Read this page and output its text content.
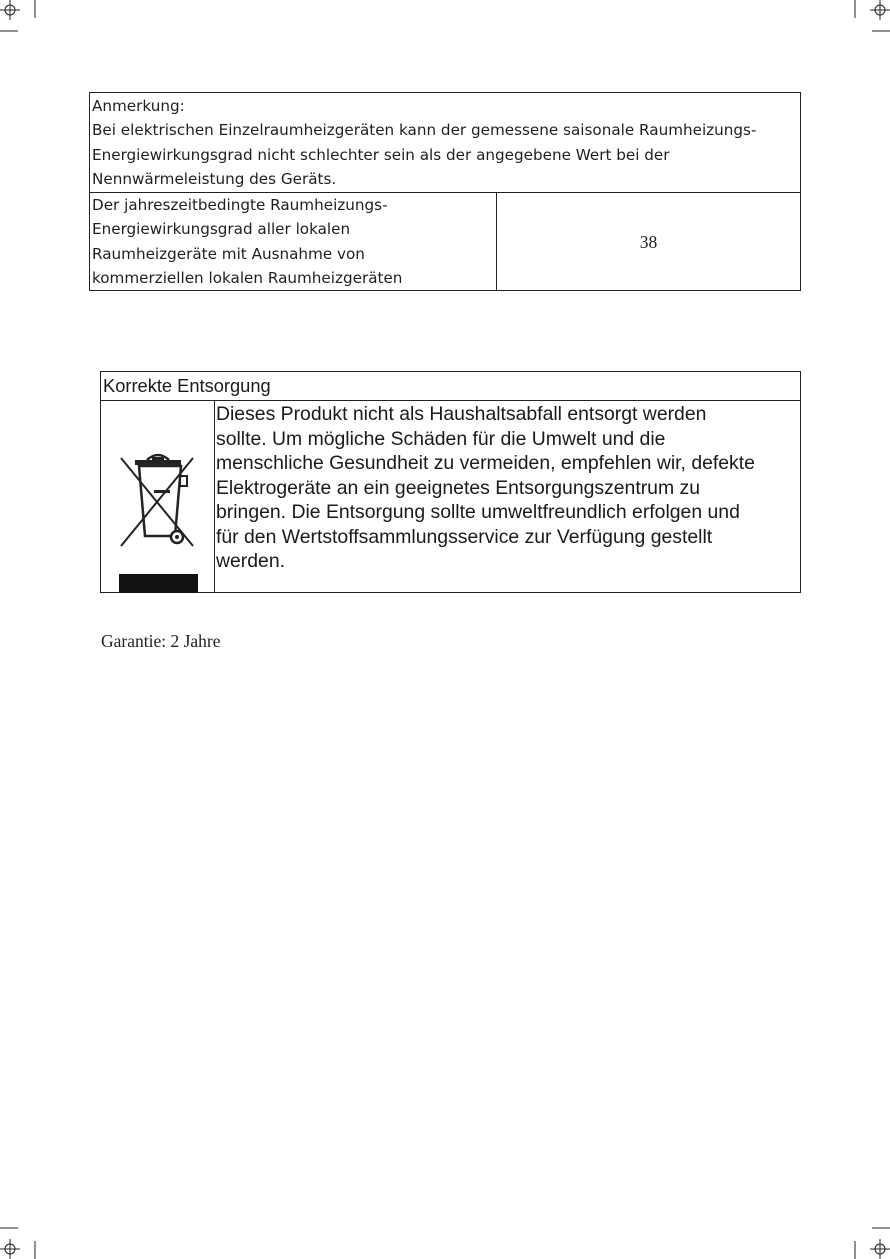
Anmerkung:
Bei elektrischen Einzelraumheizgeräten kann der gemessene saisonale Raumheizungs-
Energiewirkungsgrad nicht schlechter sein als der angegebene Wert bei der
Nennwärmeleistung des Geräts.

Der jahreszeitbedingte Raumheizungs-
Energiewirkungsgrad aller lokalen
Raumheizgeräte mit Ausnahme von
kommerziellen lokalen Raumheizgeräten
	38
Korrekte Entsorgung

Dieses Produkt nicht als Haushaltsabfall entsorgt werden
sollte. Um mögliche Schäden für die Umwelt und die
menschliche Gesundheit zu vermeiden, empfehlen wir, defekte
Elektrogeräte an ein geeignetes Entsorgungszentrum zu
bringen. Die Entsorgung sollte umweltfreundlich erfolgen und
für den Wertstoffsammlungsservice zur Verfügung gestellt
werden.
Garantie: 2 Jahre
